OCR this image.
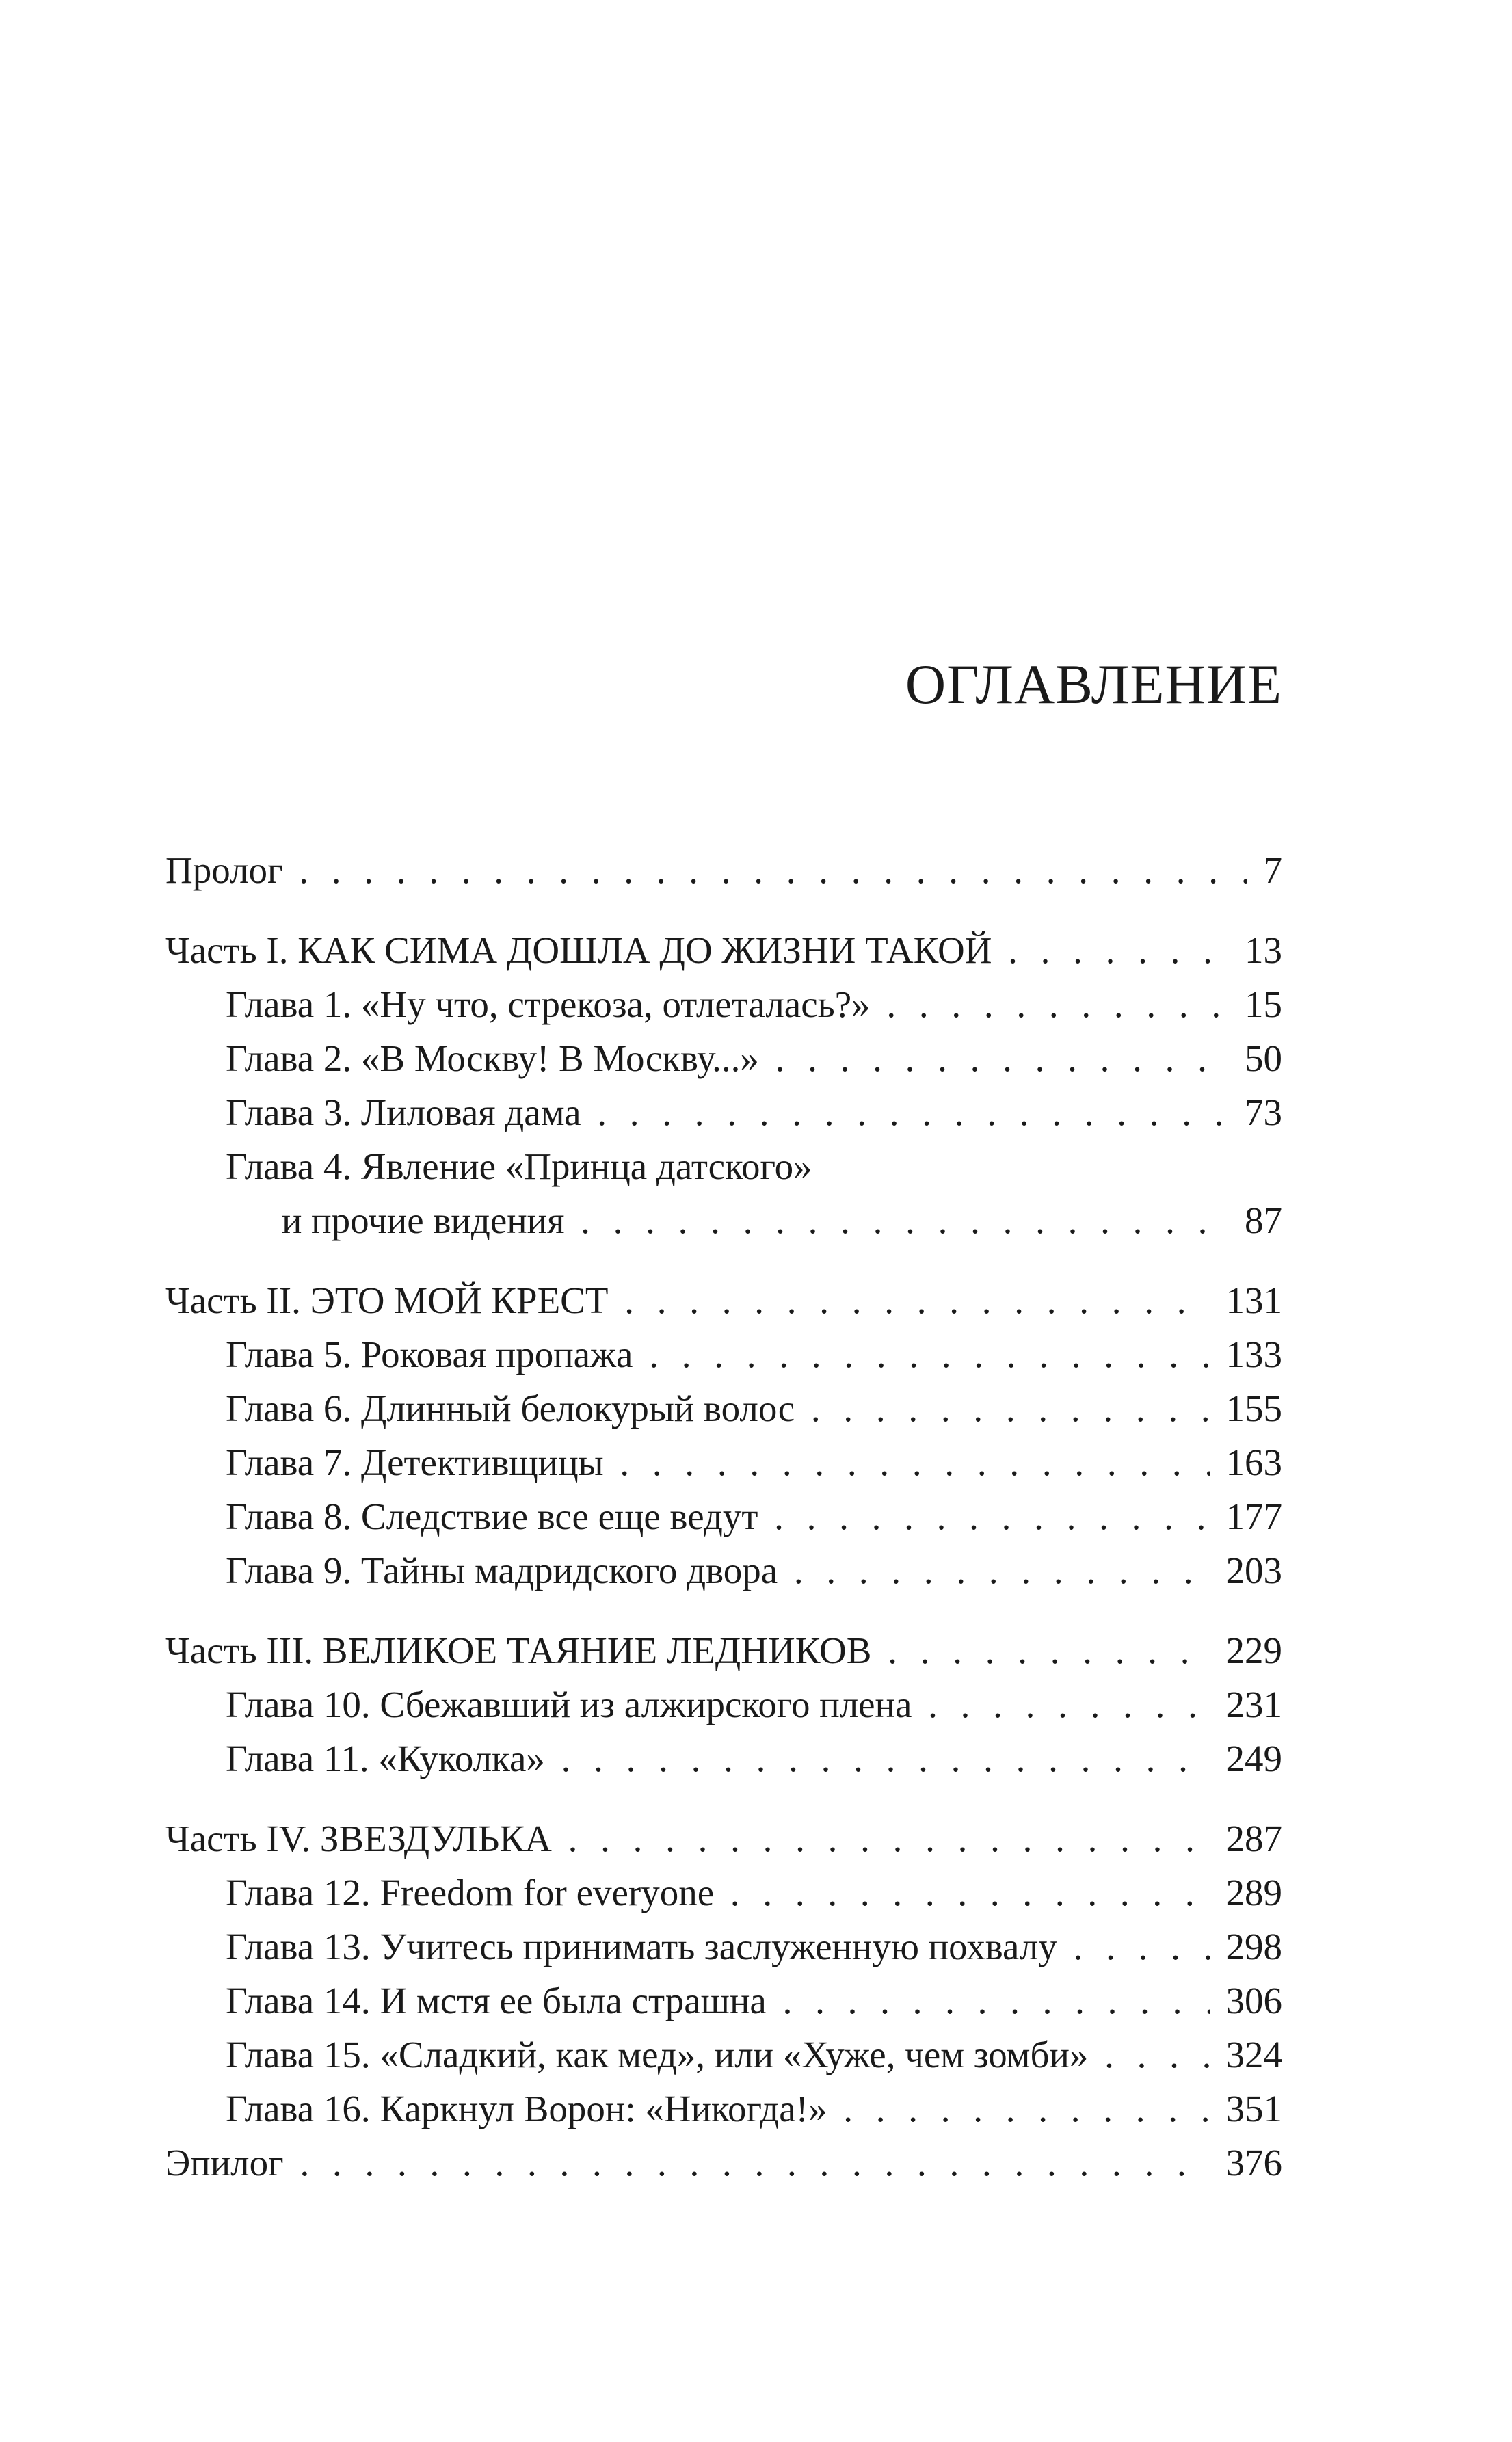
ОГЛАВЛЕНИЕ
Пролог . . .	7
Часть I. КАК СИМА ДОШЛА ДО ЖИЗНИ ТАКОЙ . . .	13
Глава 1. «Ну что, стрекоза, отлеталась?» . . .	15
Глава 2. «В Москву! В Москву...» . . .	50
Глава 3. Лиловая дама . . .	73
Глава 4. Явление «Принца датского»
и прочие видения . . .	87
Часть II. ЭТО МОЙ КРЕСТ . . .	131
Глава 5. Роковая пропажа . . .	133
Глава 6. Длинный белокурый волос . . .	155
Глава 7. Детективщицы . . .	163
Глава 8. Следствие все еще ведут . . .	177
Глава 9. Тайны мадридского двора . . .	203
Часть III. ВЕЛИКОЕ ТАЯНИЕ ЛЕДНИКОВ . . .	229
Глава 10. Сбежавший из алжирского плена . . .	231
Глава 11. «Куколка» . . .	249
Часть IV. ЗВЕЗДУЛЬКА . . .	287
Глава 12. Freedom for everyone . . .	289
Глава 13. Учитесь принимать заслуженную похвалу . . .	298
Глава 14. И мстя ее была страшна . . .	306
Глава 15. «Сладкий, как мед», или «Хуже, чем зомби» . . .	324
Глава 16. Каркнул Ворон: «Никогда!» . . .	351
Эпилог . . .	376
